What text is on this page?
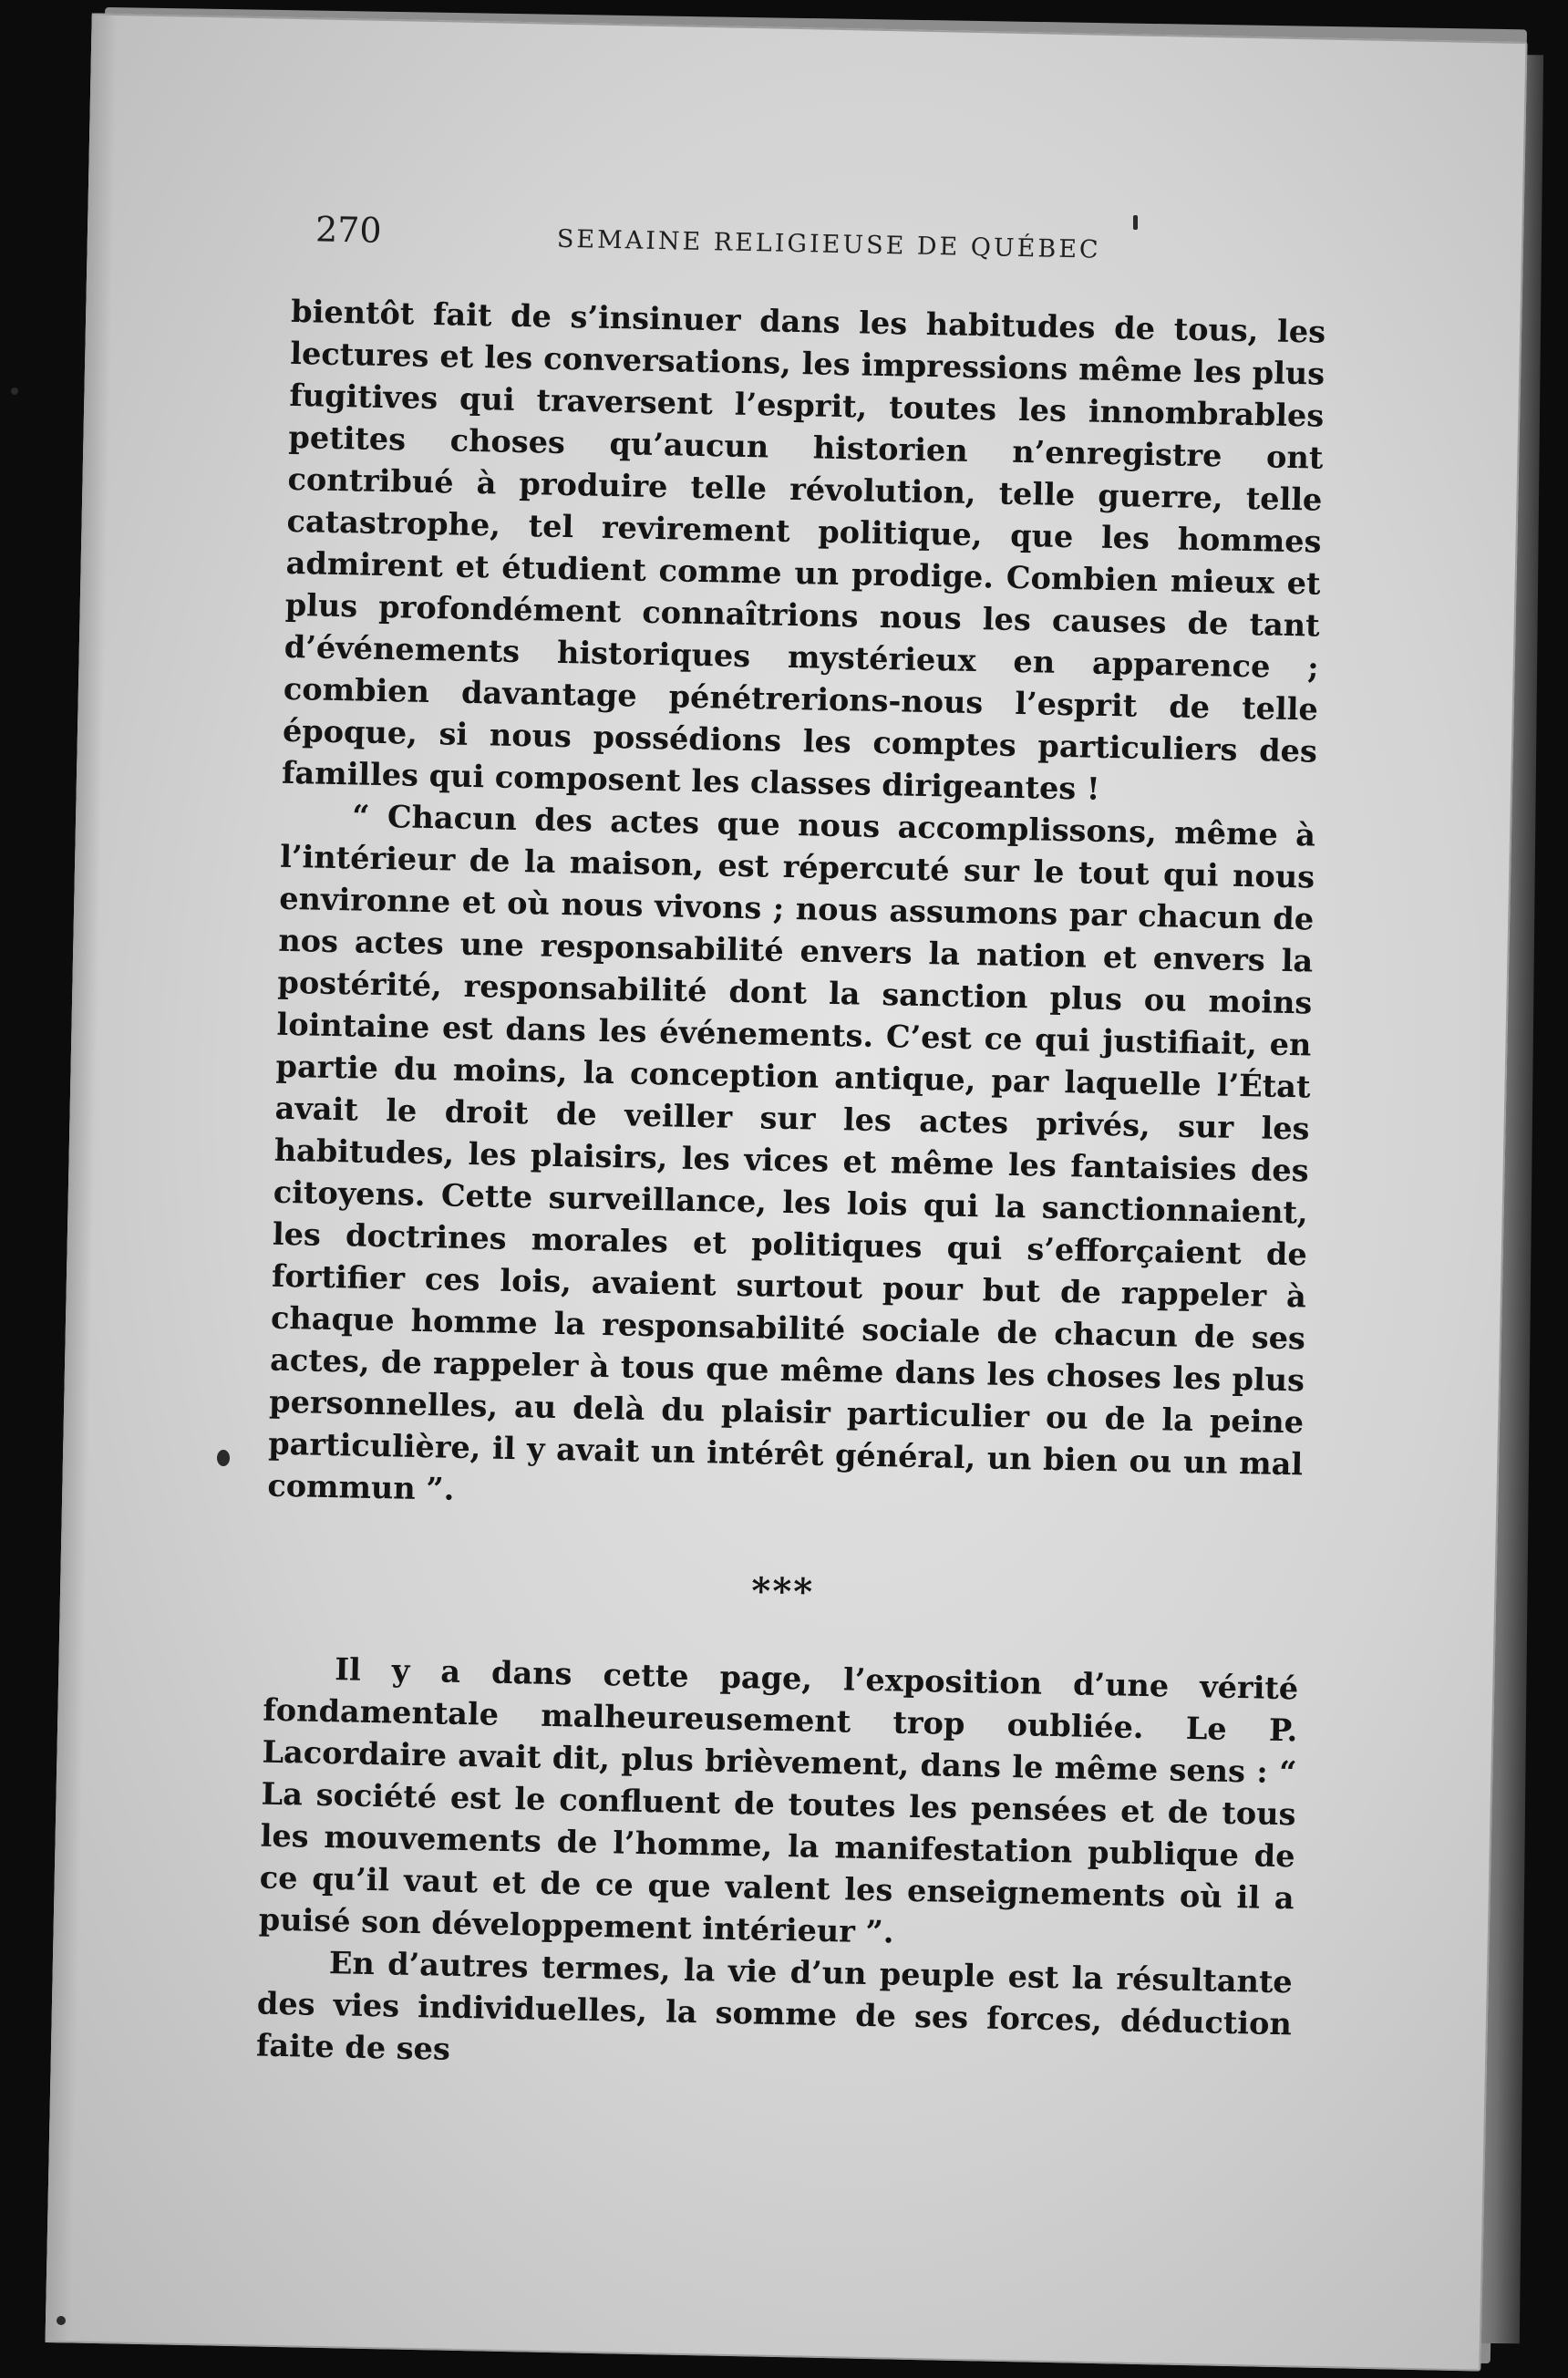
270	SEMAINE RELIGIEUSE DE QUÉBEC

bientôt fait de s’insinuer dans les habitudes de tous, les lectures et les conversations, les impressions même les plus fugitives qui traversent l’esprit, toutes les innombrables petites choses qu’aucun historien n’enregistre ont contribué à produire telle révolution, telle guerre, telle catastrophe, tel revirement politique, que les hommes admirent et étudient comme un prodige. Combien mieux et plus profondément connaîtrions nous les causes de tant d’événements historiques mystérieux en apparence ; combien davantage pénétrerions-nous l’esprit de telle époque, si nous possédions les comptes particuliers des familles qui composent les classes dirigeantes !

“ Chacun des actes que nous accomplissons, même à l’intérieur de la maison, est répercuté sur le tout qui nous environne et où nous vivons ; nous assumons par chacun de nos actes une responsabilité envers la nation et envers la postérité, responsabilité dont la sanction plus ou moins lointaine est dans les événements. C’est ce qui justifiait, en partie du moins, la conception antique, par laquelle l’État avait le droit de veiller sur les actes privés, sur les habitudes, les plaisirs, les vices et même les fantaisies des citoyens. Cette surveillance, les lois qui la sanctionnaient, les doctrines morales et politiques qui s’efforçaient de fortifier ces lois, avaient surtout pour but de rappeler à chaque homme la responsabilité sociale de chacun de ses actes, de rappeler à tous que même dans les choses les plus personnelles, au delà du plaisir particulier ou de la peine particulière, il y avait un intérêt général, un bien ou un mal commun ”.

***

Il y a dans cette page, l’exposition d’une vérité fondamentale malheureusement trop oubliée. Le P. Lacordaire avait dit, plus brièvement, dans le même sens : “ La société est le confluent de toutes les pensées et de tous les mouvements de l’homme, la manifestation publique de ce qu’il vaut et de ce que valent les enseignements où il a puisé son développement intérieur ”.

En d’autres termes, la vie d’un peuple est la résultante des vies individuelles, la somme de ses forces, déduction faite de ses
